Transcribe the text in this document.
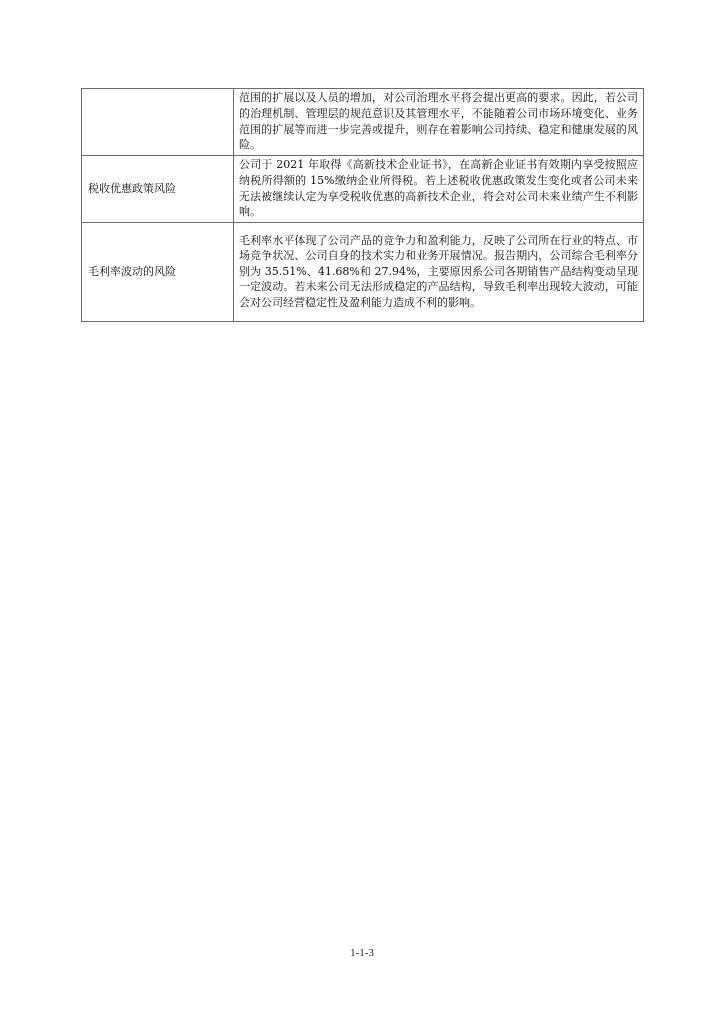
	范围的扩展以及人员的增加，对公司治理水平将会提出更高的要求。因此，若公司的治理机制、管理层的规范意识及其管理水平，不能随着公司市场环境变化、业务范围的扩展等而进一步完善或提升，则存在着影响公司持续、稳定和健康发展的风险。
税收优惠政策风险	公司于 2021 年取得《高新技术企业证书》，在高新企业证书有效期内享受按照应纳税所得额的 15%缴纳企业所得税。若上述税收优惠政策发生变化或者公司未来无法被继续认定为享受税收优惠的高新技术企业，将会对公司未来业绩产生不利影响。
毛利率波动的风险	毛利率水平体现了公司产品的竞争力和盈利能力，反映了公司所在行业的特点、市场竞争状况、公司自身的技术实力和业务开展情况。报告期内，公司综合毛利率分别为 35.51%、41.68%和 27.94%，主要原因系公司各期销售产品结构变动呈现一定波动。若未来公司无法形成稳定的产品结构，导致毛利率出现较大波动，可能会对公司经营稳定性及盈利能力造成不利的影响。
1-1-3
